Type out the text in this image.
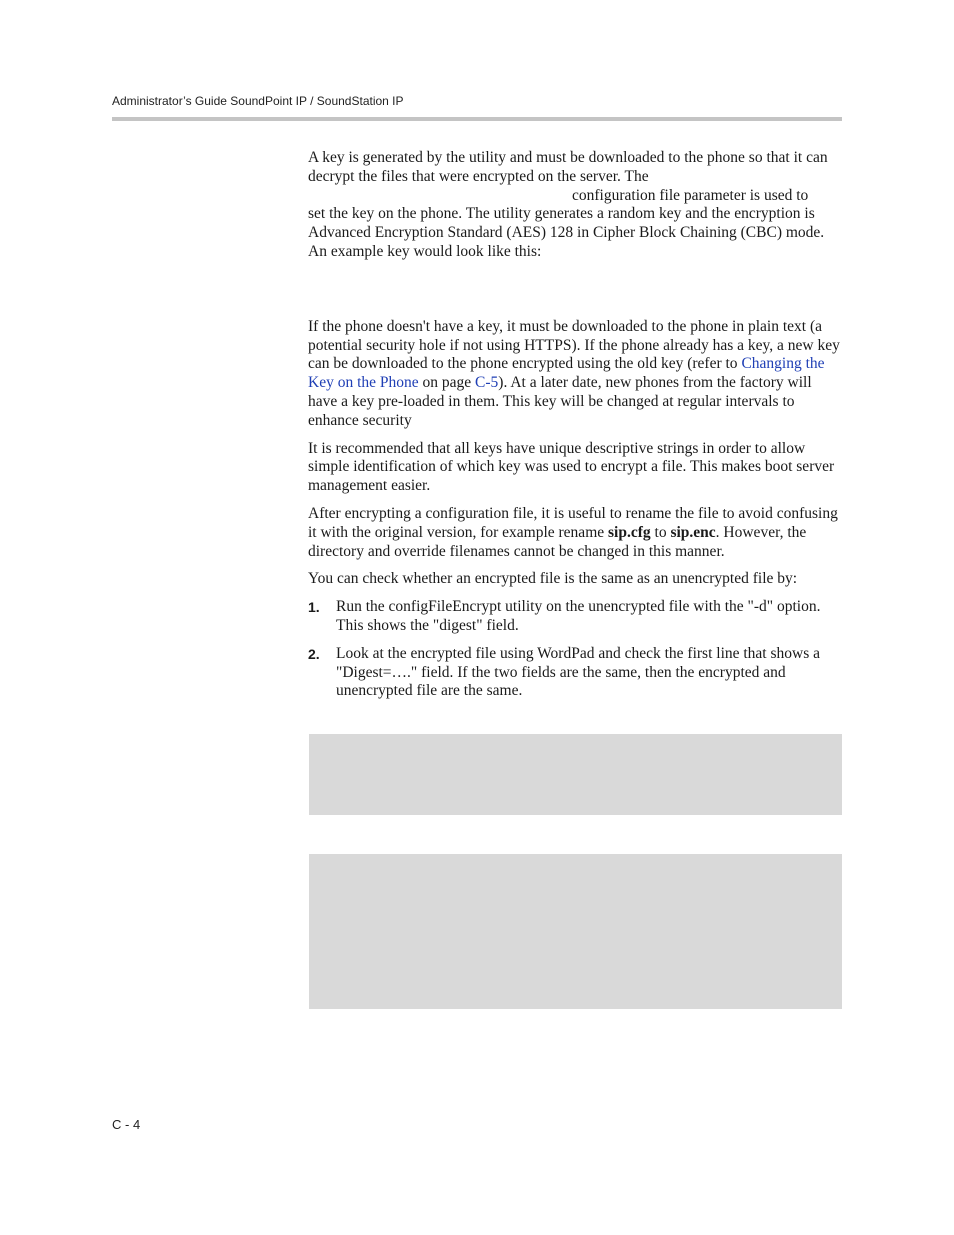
Administrator’s Guide SoundPoint IP / SoundStation IP

A key is generated by the utility and must be downloaded to the phone so that it can decrypt the files that were encrypted on the server. The
configuration file parameter is used to
set the key on the phone. The utility generates a random key and the encryption is Advanced Encryption Standard (AES) 128 in Cipher Block Chaining (CBC) mode. An example key would look like this:

If the phone doesn't have a key, it must be downloaded to the phone in plain text (a potential security hole if not using HTTPS). If the phone already has a key, a new key can be downloaded to the phone encrypted using the old key (refer to Changing the Key on the Phone on page C-5). At a later date, new phones from the factory will have a key pre-loaded in them. This key will be changed at regular intervals to enhance security

It is recommended that all keys have unique descriptive strings in order to allow simple identification of which key was used to encrypt a file. This makes boot server management easier.

After encrypting a configuration file, it is useful to rename the file to avoid confusing it with the original version, for example rename sip.cfg to sip.enc. However, the directory and override filenames cannot be changed in this manner.

You can check whether an encrypted file is the same as an unencrypted file by:

1. Run the configFileEncrypt utility on the unencrypted file with the "-d" option. This shows the "digest" field.
2. Look at the encrypted file using WordPad and check the first line that shows a "Digest=…." field. If the two fields are the same, then the encrypted and unencrypted file are the same.
C - 4
